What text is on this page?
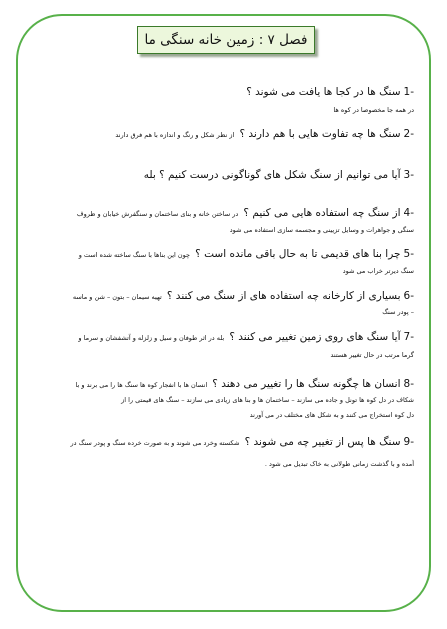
فصل ۷ : زمین خانه سنگی ما
-1سنگ ها در کجا ها یافت می شوند ؟
در همه جا مخصوصا در کوه ها
-2سنگ ها چه تفاوت هایی با هم دارند ؟ از نظر شکل و رنگ و اندازه با هم فرق دارند
-3آیا می توانیم از سنگ شکل های گوناگونی درست کنیم ؟ بله
-4از سنگ چه استفاده هایی می کنیم ؟ در ساختن خانه و بنای ساختمان و سنگفرش خیابان و ظروف
سنگی و جواهرات و وسایل تزیینی و مجسمه سازی استفاده می شود
-5چرا بنا های قدیمی تا به حال باقی مانده است ؟ چون این بناها با سنگ ساخته شده است و
سنگ دیرتر خراب می شود
-6بسیاری از کارخانه چه استفاده های از سنگ می کنند ؟ تهیه سیمان – بتون – شن و ماسه
– پودر سنگ
-7آیا سنگ های روی زمین تغییر می کنند ؟ بله در اثر طوفان و سیل و زلزله و آتشفشان و سرما و
گرما مرتب در حال تغییر هستند
-8انسان ها چگونه سنگ ها را تغییر می دهند ؟ انسان ها با انفجار کوه ها سنگ ها را می برند و با
شکاف در دل کوه ها تونل و جاده می سازند – ساختمان ها و بنا های زیادی می سازند – سنگ های قیمتی را از
دل کوه استخراج می کنند و به شکل های مختلف در می آورند
-9سنگ ها پس از تغییر چه می شوند ؟ شکسته وخرد می شوند و به صورت خرده سنگ و پودر سنگ در
آمده و با گذشت زمانی طولانی به خاک تبدیل می شود .
